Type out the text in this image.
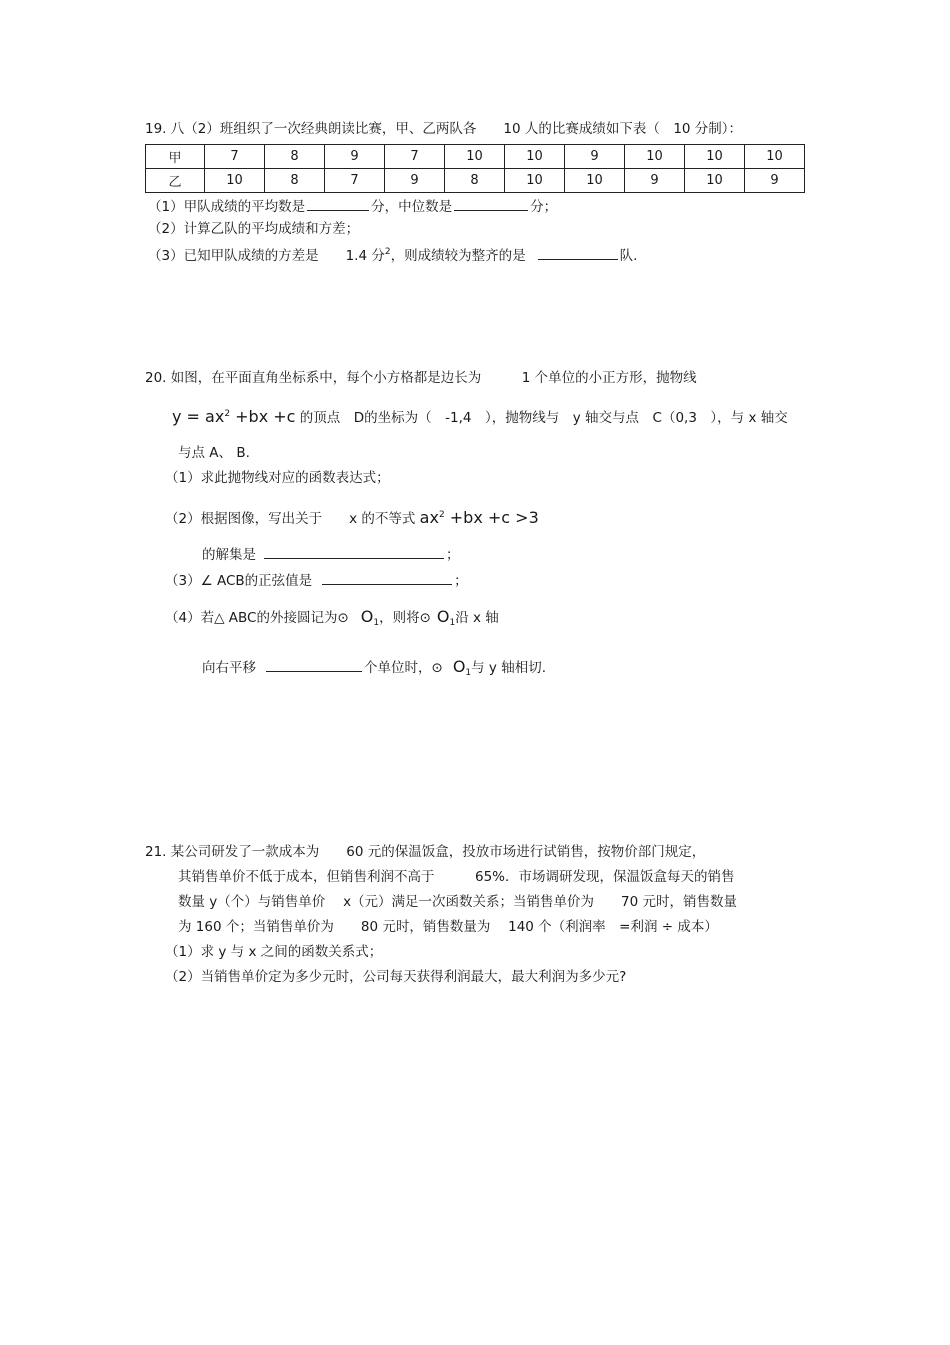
19. 八（2）班组织了一次经典朗读比赛，甲、乙两队各　　10 人的比赛成绩如下表（　10 分制）：
甲	7	8	9	7	10	10	9	10	10	10
乙	10	8	7	9	8	10	10	9	10	9
（1）甲队成绩的平均数是	分，中位数是	分；
（2）计算乙队的平均成绩和方差；
（3）已知甲队成绩的方差是　　1.4 分$^2$，则成绩较为整齐的是	队.
20. 如图，在平面直角坐标系中，每个小方格都是边长为　　　1 个单位的小正方形，抛物线
$y = ax^2 +bx +c$ 的顶点　D的坐标为（　-1,4　），抛物线与　y 轴交与点　C（0,3　），与 x 轴交
与点 A、 B.
（1）求此抛物线对应的函数表达式；
（2）根据图像，写出关于　　x 的不等式 $ax^2 +bx +c >3$
的解集是	；
（3）∠ ACB的正弦值是	；
（4）若△ ABC的外接圆记为⊙ $O_1$，则将⊙ $O_1$沿 x 轴
向右平移	个单位时，⊙ $O_1$与 y 轴相切.
21. 某公司研发了一款成本为　　60 元的保温饭盒，投放市场进行试销售，按物价部门规定，
其销售单价不低于成本，但销售利润不高于　　　65%．市场调研发现，保温饭盒每天的销售
数量 y（个）与销售单价　 x（元）满足一次函数关系；当销售单价为　　70 元时，销售数量
为 160 个；当销售单价为　　80 元时，销售数量为　 140 个（利润率　=利润 ÷ 成本）
（1）求 y 与 x 之间的函数关系式；
（2）当销售单价定为多少元时，公司每天获得利润最大，最大利润为多少元?
